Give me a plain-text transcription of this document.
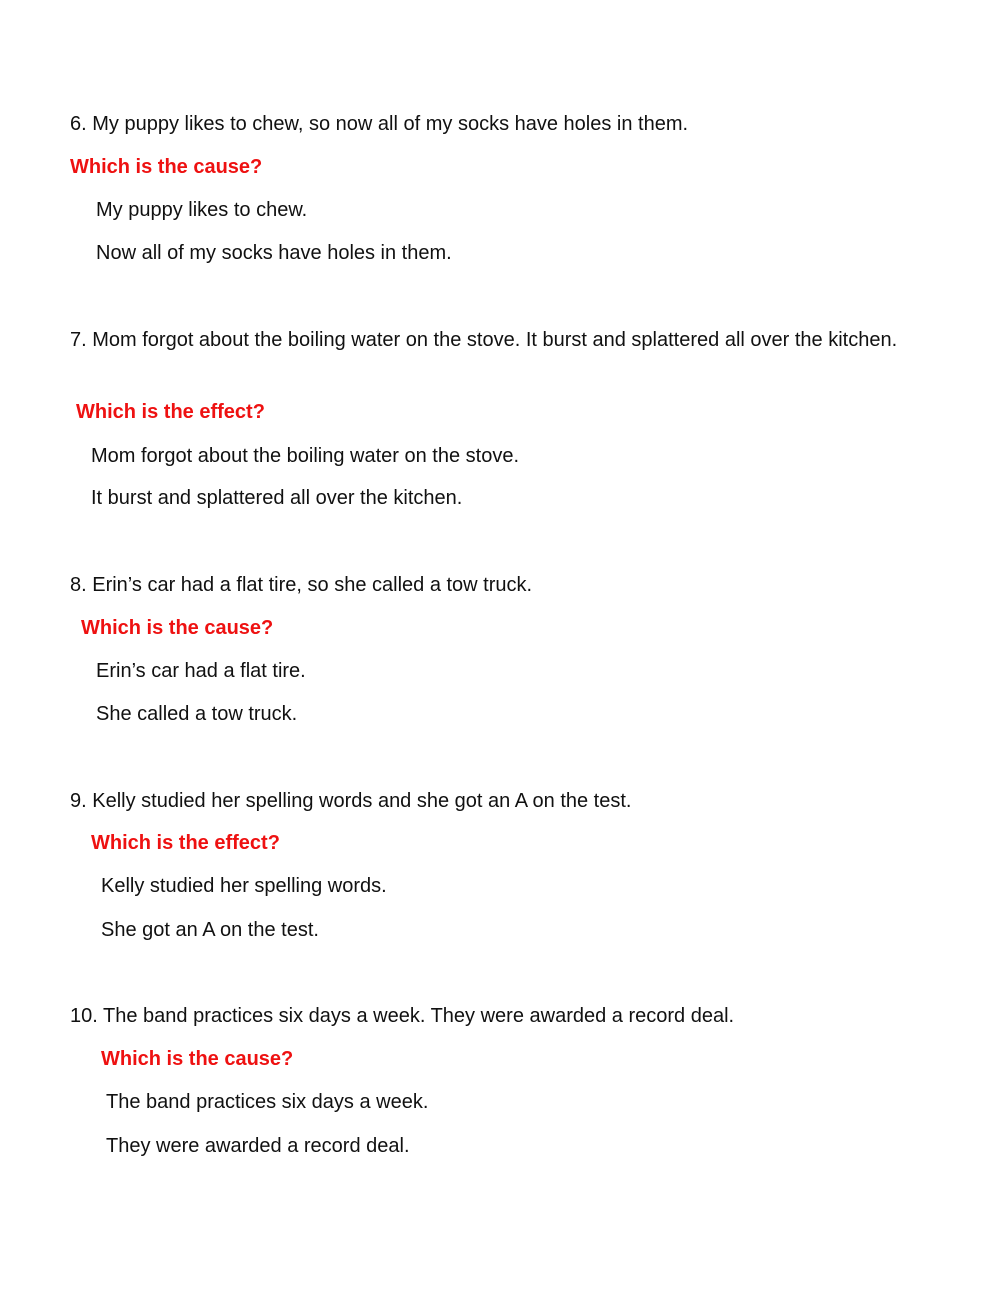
6. My puppy likes to chew, so now all of my socks have holes in them.
Which is the cause?
My puppy likes to chew.
Now all of my socks have holes in them.
7. Mom forgot about the boiling water on the stove. It burst and splattered all over the kitchen.
Which is the effect?
Mom forgot about the boiling water on the stove.
It burst and splattered all over the kitchen.
8. Erin’s car had a flat tire, so she called a tow truck.
Which is the cause?
Erin’s car had a flat tire.
She called a tow truck.
9. Kelly studied her spelling words and she got an A on the test.
Which is the effect?
Kelly studied her spelling words.
She got an A on the test.
10. The band practices six days a week. They were awarded a record deal.
Which is the cause?
The band practices six days a week.
They were awarded a record deal.
